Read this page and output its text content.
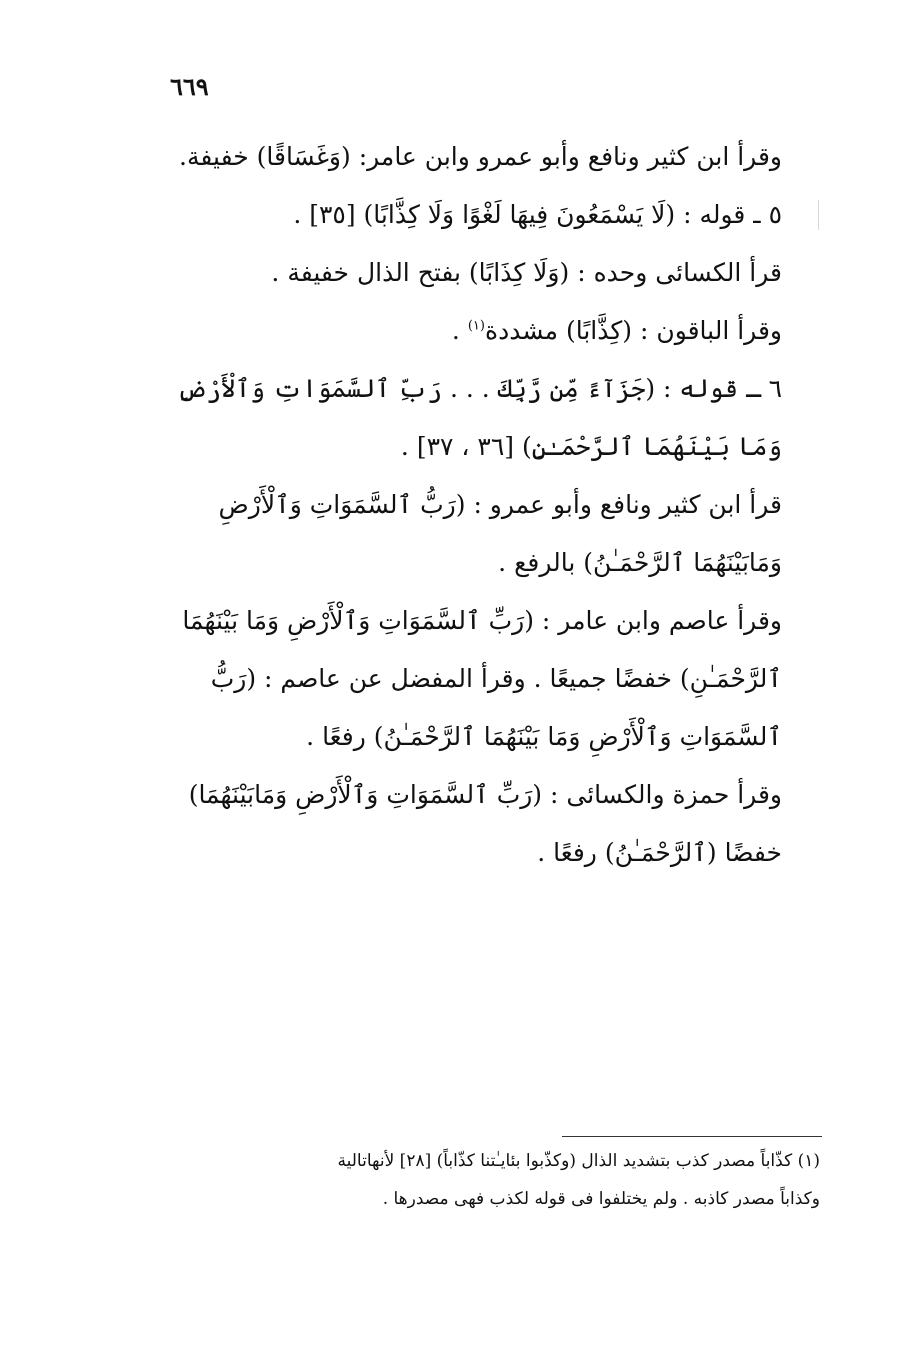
٦٦٩

وقرأ ابن كثير ونافع وأبو عمرو وابن عامر: (وَغَسَاقًا) خفيفة.

٥ ـ قوله : (لَا يَسْمَعُونَ فِيهَا لَغْوًا وَلَا كِذَّابًا) [٣٥] .

قرأ الكسائى وحده : (وَلَا كِذَابًا) بفتح الذال خفيفة .

وقرأ الباقون : (كِذَّابًا) مشددة$^{(١)}$ .

٦ ـ قوله : (جَزَآءً مِّن رَّبِّكَ . . . رَبِّ ٱلسَّمَوَاتِ وَٱلْأَرْضِ وَمَا بَيْنَهُمَا ٱلرَّحْمَـٰنِ) [٣٦ ، ٣٧] .

قرأ ابن كثير ونافع وأبو عمرو : (رَبُّ ٱلسَّمَوَاتِ وَٱلْأَرْضِ وَمَابَيْنَهُمَا ٱلرَّحْمَـٰنُ) بالرفع .

وقرأ عاصم وابن عامر : (رَبِّ ٱلسَّمَوَاتِ وَٱلْأَرْضِ وَمَا بَيْنَهُمَا ٱلرَّحْمَـٰنِ) خفضًا جميعًا . وقرأ المفضل عن عاصم : (رَبُّ ٱلسَّمَوَاتِ وَٱلْأَرْضِ وَمَا بَيْنَهُمَا ٱلرَّحْمَـٰنُ) رفعًا .

وقرأ حمزة والكسائى : (رَبِّ ٱلسَّمَوَاتِ وَٱلْأَرْضِ وَمَابَيْنَهُمَا) خفضًا (ٱلرَّحْمَـٰنُ) رفعًا .

(١) كذّاباً مصدر كذب بتشديد الذال (وكذّبوا بئايـٰتنا كذّاباً) [٢٨] لأنهاتالية

وكذاباً مصدر كاذبه . ولم يختلفوا فى قوله لكذب فهى مصدرها .
